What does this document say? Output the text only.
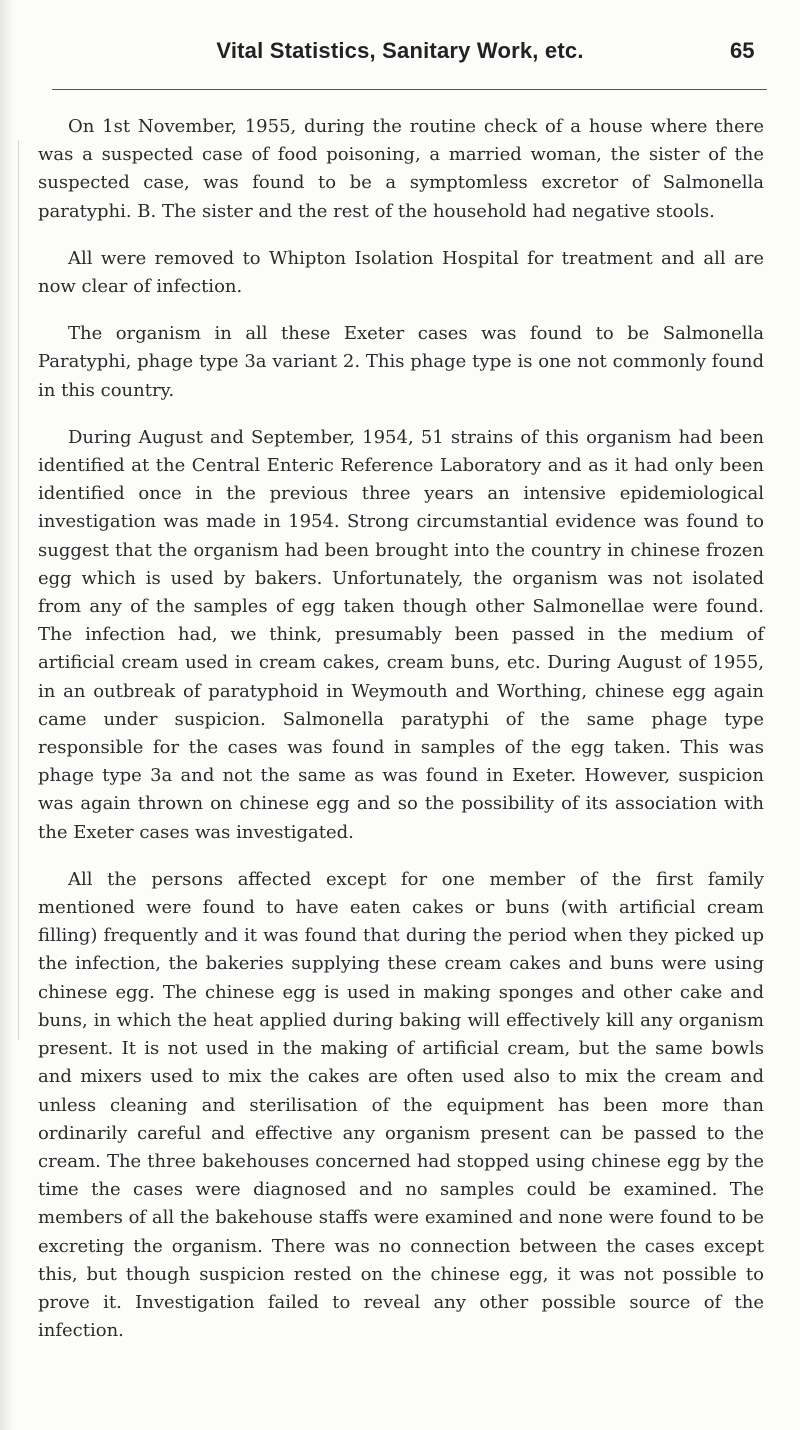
Vital Statistics, Sanitary Work, etc.	65

On 1st November, 1955, during the routine check of a house where there was a suspected case of food poisoning, a married woman, the sister of the suspected case, was found to be a symptomless excretor of Salmonella paratyphi. B. The sister and the rest of the household had negative stools.

All were removed to Whipton Isolation Hospital for treatment and all are now clear of infection.

The organism in all these Exeter cases was found to be Salmonella Paratyphi, phage type 3a variant 2. This phage type is one not commonly found in this country.

During August and September, 1954, 51 strains of this organism had been identified at the Central Enteric Reference Laboratory and as it had only been identified once in the previous three years an intensive epidemiological investigation was made in 1954. Strong circumstantial evidence was found to suggest that the organism had been brought into the country in chinese frozen egg which is used by bakers. Unfortunately, the organism was not isolated from any of the samples of egg taken though other Salmonellae were found. The infection had, we think, presumably been passed in the medium of artificial cream used in cream cakes, cream buns, etc. During August of 1955, in an outbreak of paratyphoid in Weymouth and Worthing, chinese egg again came under suspicion. Salmonella paratyphi of the same phage type responsible for the cases was found in samples of the egg taken. This was phage type 3a and not the same as was found in Exeter. However, suspicion was again thrown on chinese egg and so the possibility of its association with the Exeter cases was investigated.

All the persons affected except for one member of the first family mentioned were found to have eaten cakes or buns (with artificial cream filling) frequently and it was found that during the period when they picked up the infection, the bakeries supplying these cream cakes and buns were using chinese egg. The chinese egg is used in making sponges and other cake and buns, in which the heat applied during baking will effectively kill any organism present. It is not used in the making of artificial cream, but the same bowls and mixers used to mix the cakes are often used also to mix the cream and unless cleaning and sterilisation of the equipment has been more than ordinarily careful and effective any organism present can be passed to the cream. The three bakehouses concerned had stopped using chinese egg by the time the cases were diagnosed and no samples could be examined. The members of all the bakehouse staffs were examined and none were found to be excreting the organism. There was no connection between the cases except this, but though suspicion rested on the chinese egg, it was not possible to prove it. Investigation failed to reveal any other possible source of the infection.
